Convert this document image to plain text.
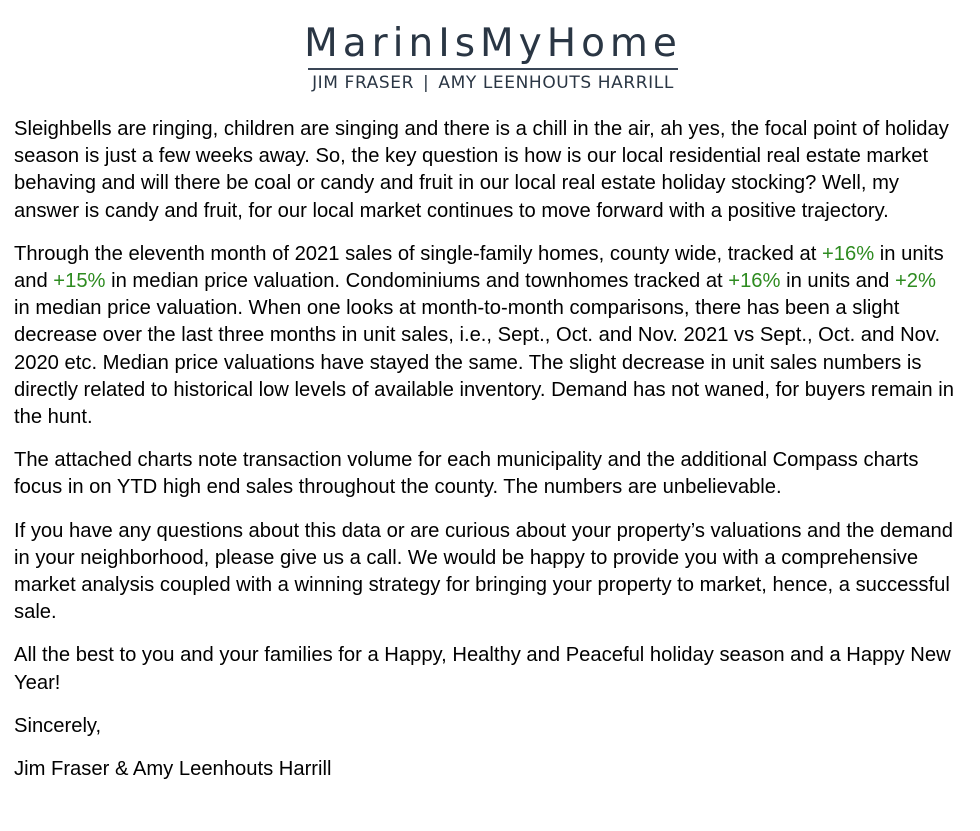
MarinIsMyHome
JIM FRASER | AMY LEENHOUTS HARRILL

Sleighbells are ringing, children are singing and there is a chill in the air, ah yes, the focal point of holiday season is just a few weeks away. So, the key question is how is our local residential real estate market behaving and will there be coal or candy and fruit in our local real estate holiday stocking? Well, my answer is candy and fruit, for our local market continues to move forward with a positive trajectory.

Through the eleventh month of 2021 sales of single-family homes, county wide, tracked at +16% in units and +15% in median price valuation. Condominiums and townhomes tracked at +16% in units and +2% in median price valuation. When one looks at month-to-month comparisons, there has been a slight decrease over the last three months in unit sales, i.e., Sept., Oct. and Nov. 2021 vs Sept., Oct. and Nov. 2020 etc. Median price valuations have stayed the same. The slight decrease in unit sales numbers is directly related to historical low levels of available inventory. Demand has not waned, for buyers remain in the hunt.

The attached charts note transaction volume for each municipality and the additional Compass charts focus in on YTD high end sales throughout the county. The numbers are unbelievable.

If you have any questions about this data or are curious about your property’s valuations and the demand in your neighborhood, please give us a call. We would be happy to provide you with a comprehensive market analysis coupled with a winning strategy for bringing your property to market, hence, a successful sale.

All the best to you and your families for a Happy, Healthy and Peaceful holiday season and a Happy New Year!

Sincerely,

Jim Fraser & Amy Leenhouts Harrill
